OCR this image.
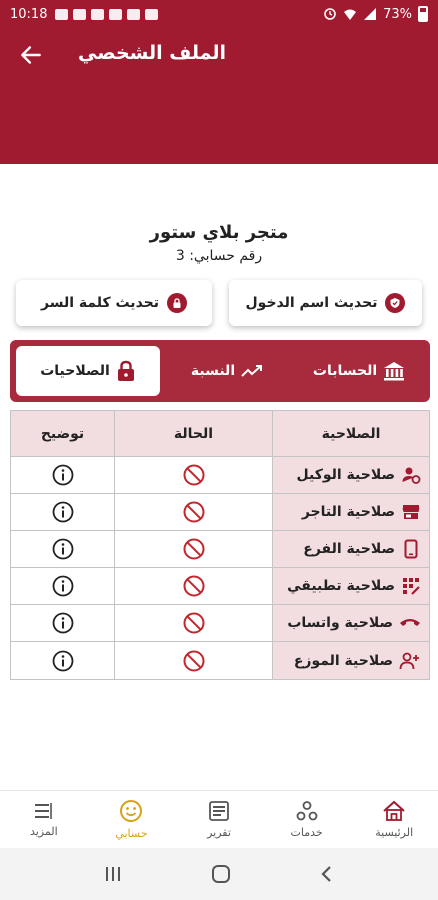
10:18	73%
الملف الشخصي
متجر بلاي ستور
رقم حسابي: 3
تحديث اسم الدخول
تحديث كلمة السر
الحسابات
النسبة
الصلاحيات
توضيح	الحالة	الصلاحية
صلاحية الوكيل
صلاحية التاجر
صلاحية الفرع
صلاحية تطبيقي
صلاحية واتساب
صلاحية الموزع
المزيد	حسابي	تقرير	خدمات	الرئيسية
